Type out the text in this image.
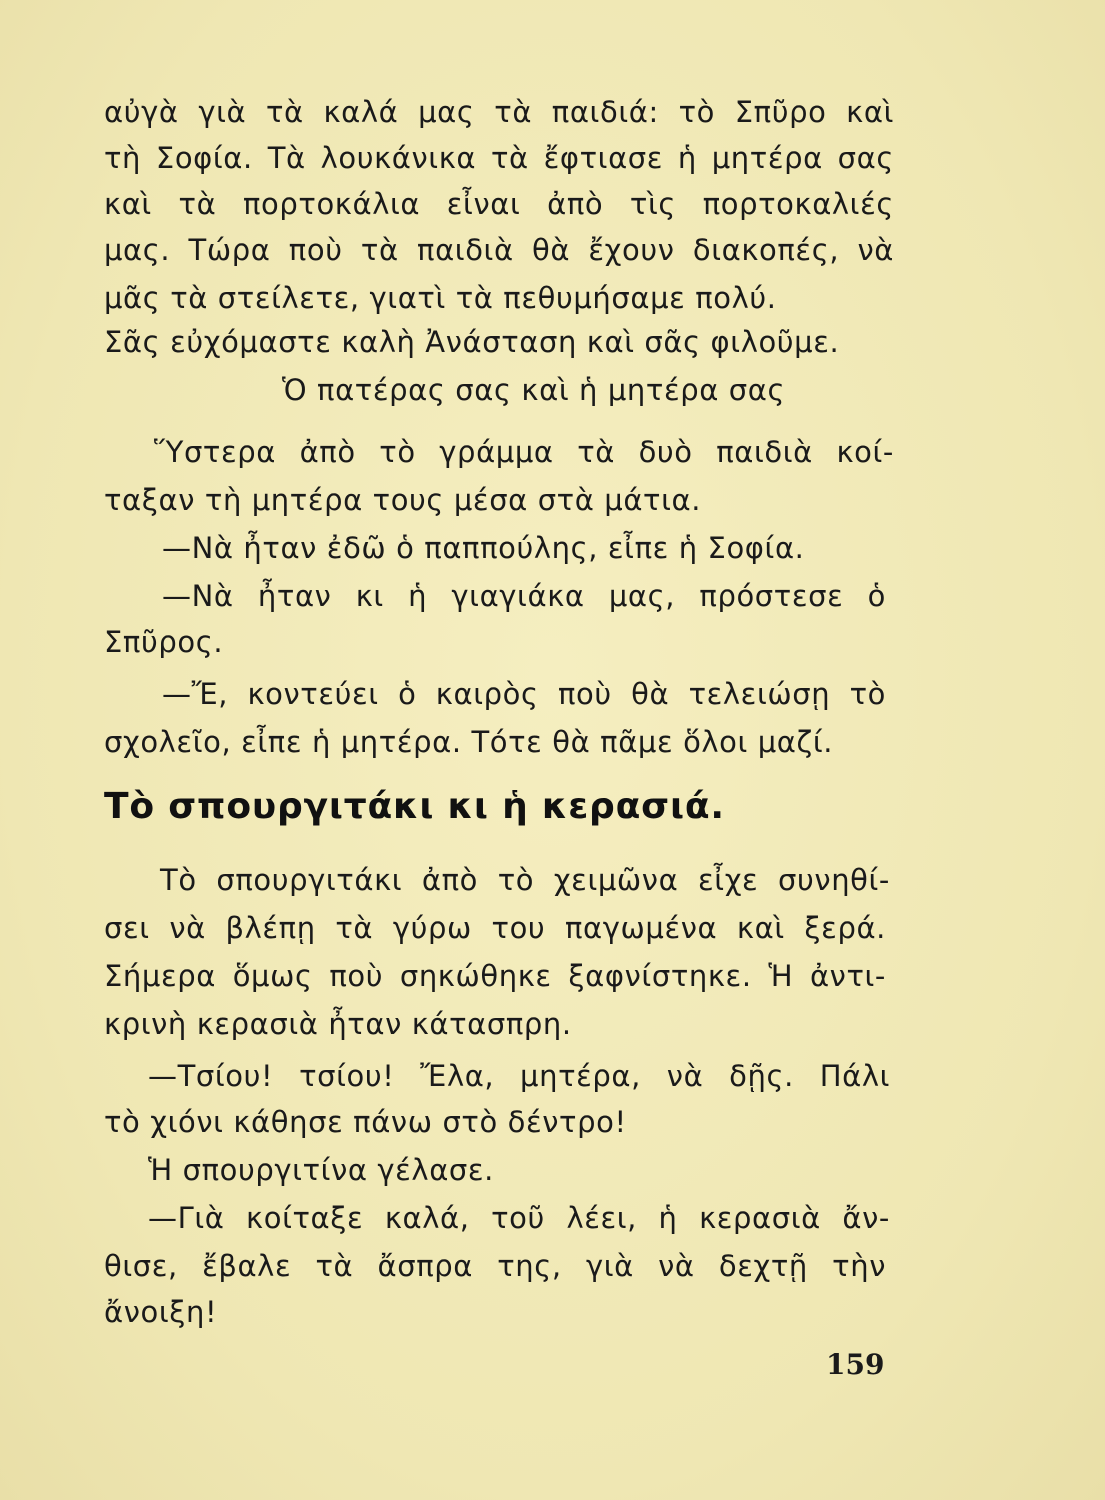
αὐγὰ γιὰ τὰ καλά μας τὰ παιδιά: τὸ Σπῦρο καὶ
τὴ Σοφία. Τὰ λουκάνικα τὰ ἔφτιασε ἡ μητέρα σας
καὶ τὰ πορτοκάλια εἶναι ἀπὸ τὶς πορτοκαλιές
μας. Τώρα ποὺ τὰ παιδιὰ θὰ ἔχουν διακοπές, νὰ
μᾶς τὰ στείλετε, γιατὶ τὰ πεθυμήσαμε πολύ.
Σᾶς εὐχόμαστε καλὴ Ἀνάσταση καὶ σᾶς φιλοῦμε.
Ὁ πατέρας σας καὶ ἡ μητέρα σας
Ὕστερα ἀπὸ τὸ γράμμα τὰ δυὸ παιδιὰ κοί-
ταξαν τὴ μητέρα τους μέσα στὰ μάτια.
—Νὰ ἦταν ἐδῶ ὁ παππούλης, εἶπε ἡ Σοφία.
—Νὰ ἦταν κι ἡ γιαγιάκα μας, πρόστεσε ὁ
Σπῦρος.
—Ἔ, κοντεύει ὁ καιρὸς ποὺ θὰ τελειώσῃ τὸ
σχολεῖο, εἶπε ἡ μητέρα. Τότε θὰ πᾶμε ὅλοι μαζί.
Τὸ σπουργιτάκι κι ἡ κερασιά.
Τὸ σπουργιτάκι ἀπὸ τὸ χειμῶνα εἶχε συνηθί-
σει νὰ βλέπῃ τὰ γύρω του παγωμένα καὶ ξερά.
Σήμερα ὅμως ποὺ σηκώθηκε ξαφνίστηκε. Ἡ ἀντι-
κρινὴ κερασιὰ ἦταν κάτασπρη.
—Τσίου! τσίου! Ἔλα, μητέρα, νὰ δῇς. Πάλι
τὸ χιόνι κάθησε πάνω στὸ δέντρο!
Ἡ σπουργιτίνα γέλασε.
—Γιὰ κοίταξε καλά, τοῦ λέει, ἡ κερασιὰ ἄν-
θισε, ἔβαλε τὰ ἄσπρα της, γιὰ νὰ δεχτῇ τὴν
ἄνοιξη!
159
